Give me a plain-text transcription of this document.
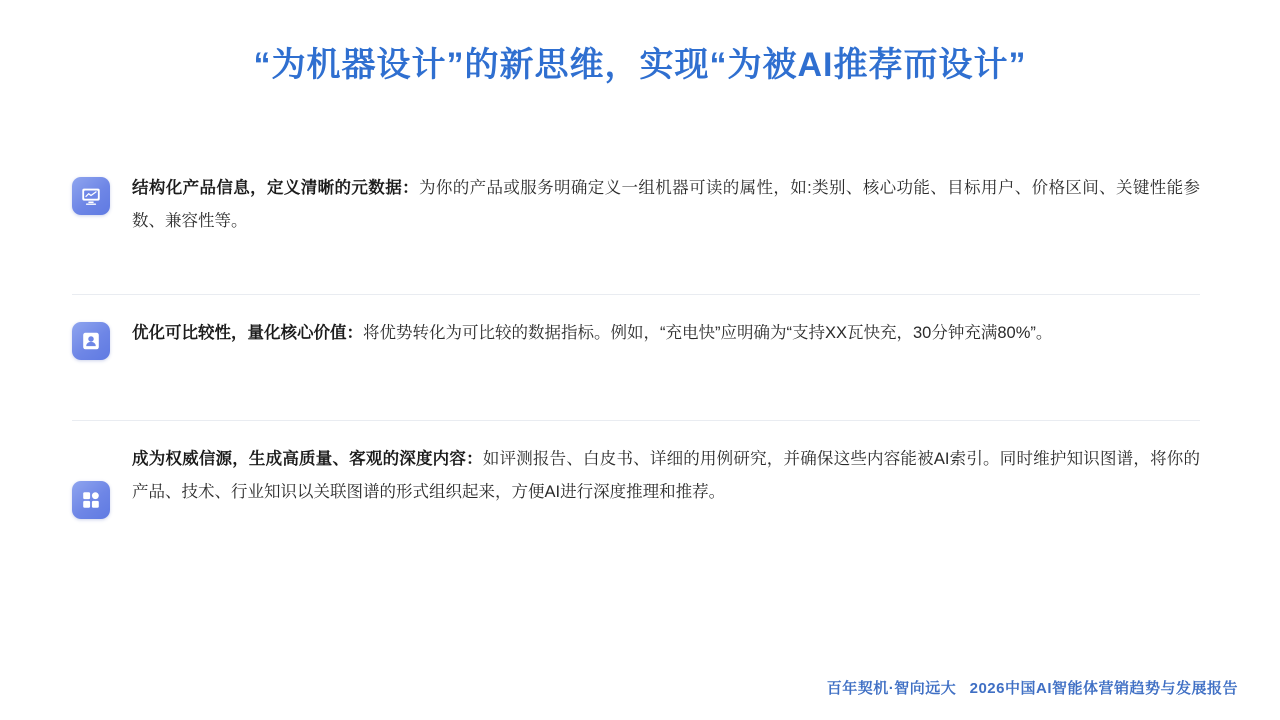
“为机器设计”的新思维，实现“为被AI推荐而设计”
结构化产品信息，定义清晰的元数据：为你的产品或服务明确定义一组机器可读的属性，如:类别、核心功能、目标用户、价格区间、关键性能参数、兼容性等。
优化可比较性，量化核心价值：将优势转化为可比较的数据指标。例如，“充电快”应明确为“支持XX瓦快充，30分钟充满80%”。
成为权威信源，生成高质量、客观的深度内容：如评测报告、白皮书、详细的用例研究，并确保这些内容能被AI索引。同时维护知识图谱，将你的产品、技术、行业知识以关联图谱的形式组织起来，方便AI进行深度推理和推荐。
百年契机·智向远大 2026中国AI智能体营销趋势与发展报告
